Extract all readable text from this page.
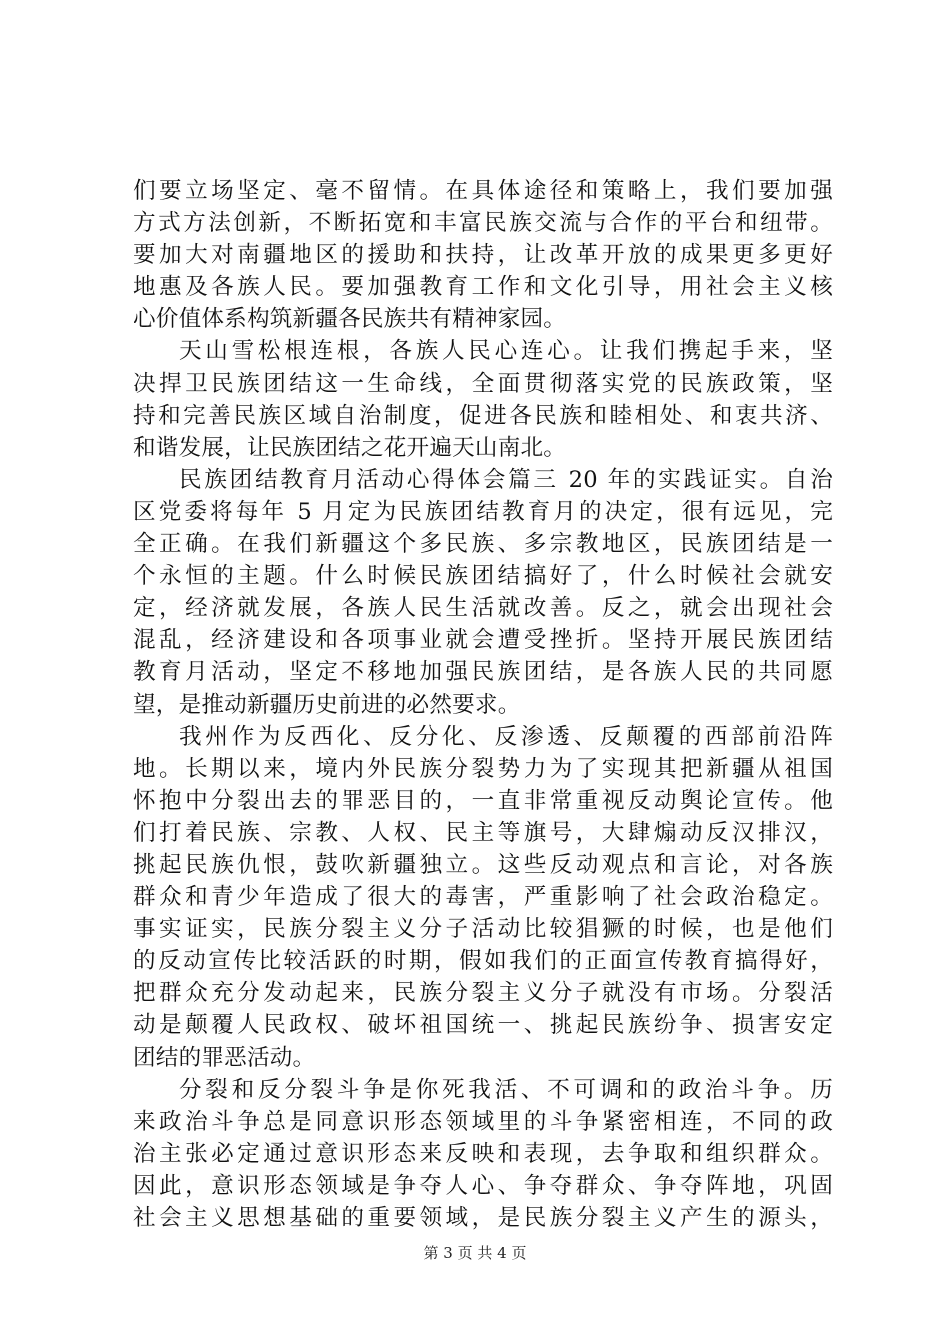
们要立场坚定、毫不留情。在具体途径和策略上，我们要加强
方式方法创新，不断拓宽和丰富民族交流与合作的平台和纽带。
要加大对南疆地区的援助和扶持，让改革开放的成果更多更好
地惠及各族人民。要加强教育工作和文化引导，用社会主义核
心价值体系构筑新疆各民族共有精神家园。
天山雪松根连根，各族人民心连心。让我们携起手来，坚
决捍卫民族团结这一生命线，全面贯彻落实党的民族政策，坚
持和完善民族区域自治制度，促进各民族和睦相处、和衷共济、
和谐发展，让民族团结之花开遍天山南北。
民族团结教育月活动心得体会篇三 20 年的实践证实。自治
区党委将每年 5 月定为民族团结教育月的决定，很有远见，完
全正确。在我们新疆这个多民族、多宗教地区，民族团结是一
个永恒的主题。什么时候民族团结搞好了，什么时候社会就安
定，经济就发展，各族人民生活就改善。反之，就会出现社会
混乱，经济建设和各项事业就会遭受挫折。坚持开展民族团结
教育月活动，坚定不移地加强民族团结，是各族人民的共同愿
望，是推动新疆历史前进的必然要求。
我州作为反西化、反分化、反渗透、反颠覆的西部前沿阵
地。长期以来，境内外民族分裂势力为了实现其把新疆从祖国
怀抱中分裂出去的罪恶目的，一直非常重视反动舆论宣传。他
们打着民族、宗教、人权、民主等旗号，大肆煽动反汉排汉，
挑起民族仇恨，鼓吹新疆独立。这些反动观点和言论，对各族
群众和青少年造成了很大的毒害，严重影响了社会政治稳定。
事实证实，民族分裂主义分子活动比较猖獗的时候，也是他们
的反动宣传比较活跃的时期，假如我们的正面宣传教育搞得好，
把群众充分发动起来，民族分裂主义分子就没有市场。分裂活
动是颠覆人民政权、破坏祖国统一、挑起民族纷争、损害安定
团结的罪恶活动。
分裂和反分裂斗争是你死我活、不可调和的政治斗争。历
来政治斗争总是同意识形态领域里的斗争紧密相连，不同的政
治主张必定通过意识形态来反映和表现，去争取和组织群众。
因此，意识形态领域是争夺人心、争夺群众、争夺阵地，巩固
社会主义思想基础的重要领域，是民族分裂主义产生的源头，
第 3 页 共 4 页
